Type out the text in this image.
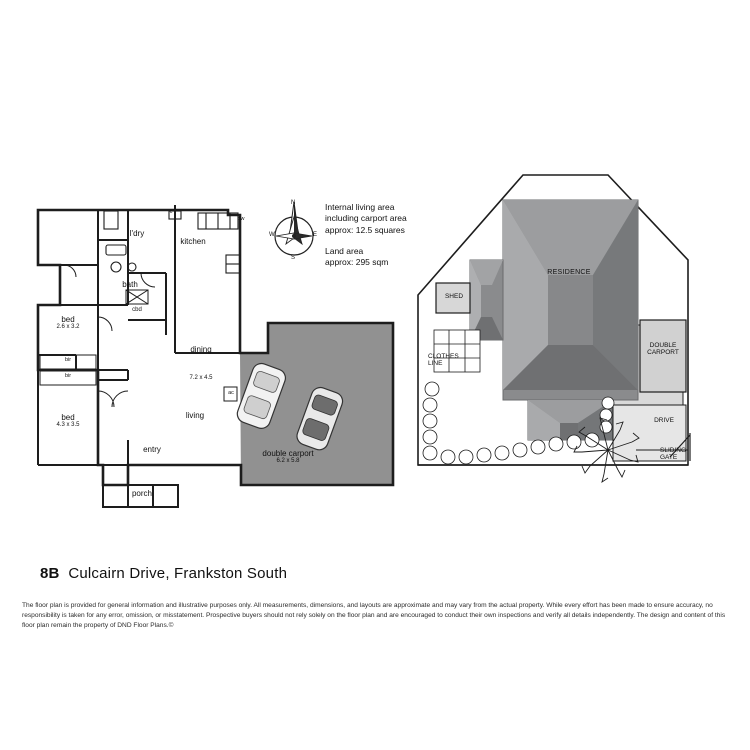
l'dry
kitchen
bath
bed
2.6 x 3.2
bed
4.3 x 3.5
dining
7.2 x 4.5
living
entry
porch
double carport
6.2 x 5.8
dw
c
cbd
bir
bir
ac
N
S
E
W
Internal living area
including carport area
approx: 12.5 squares
Land area
approx: 295 sqm
RESIDENCE
SHED
CLOTHES
LINE
DOUBLE
CARPORT
DRIVE
SLIDING
GATE
8B Culcairn Drive, Frankston South
The floor plan is provided for general information and illustrative purposes only. All measurements, dimensions, and layouts are approximate and may vary from the actual property. While every effort has been made to ensure accuracy, no responsibility is taken for any error, omission, or misstatement. Prospective buyers should not rely solely on the floor plan and are encouraged to conduct their own inspections and verify all details independently. The design and content of this floor plan remain the property of DND Floor Plans.©
